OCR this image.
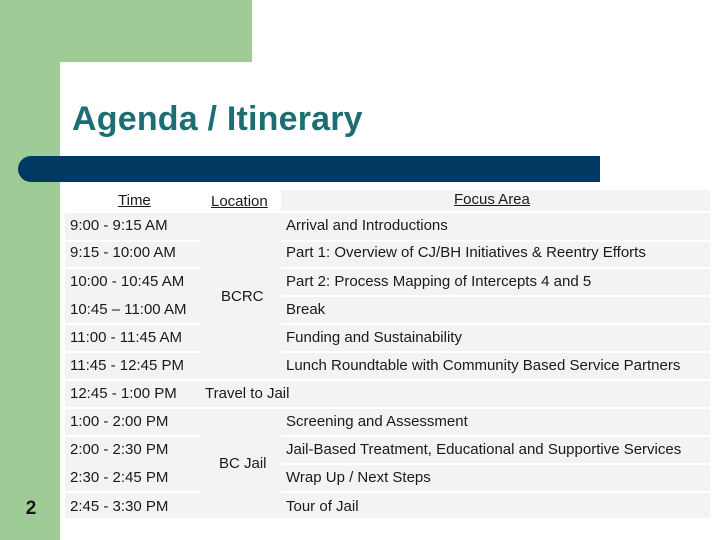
Agenda / Itinerary
Time	Location	Focus Area
9:00 - 9:15 AM
9:15 - 10:00 AM
10:00 - 10:45 AM
10:45 – 11:00 AM
11:00 - 11:45 AM
11:45 - 12:45 PM
12:45 - 1:00 PM
1:00 - 2:00 PM
2:00 - 2:30 PM
2:30 - 2:45 PM
2:45 - 3:30 PM
BCRC
BC Jail
Arrival and Introductions
Part 1: Overview of CJ/BH Initiatives & Reentry Efforts
Part 2: Process Mapping of Intercepts 4 and 5
Break
Funding and Sustainability
Lunch Roundtable with Community Based Service Partners
Travel to Jail
Screening and Assessment
Jail-Based Treatment, Educational and Supportive Services
Wrap Up / Next Steps
Tour of Jail
2
